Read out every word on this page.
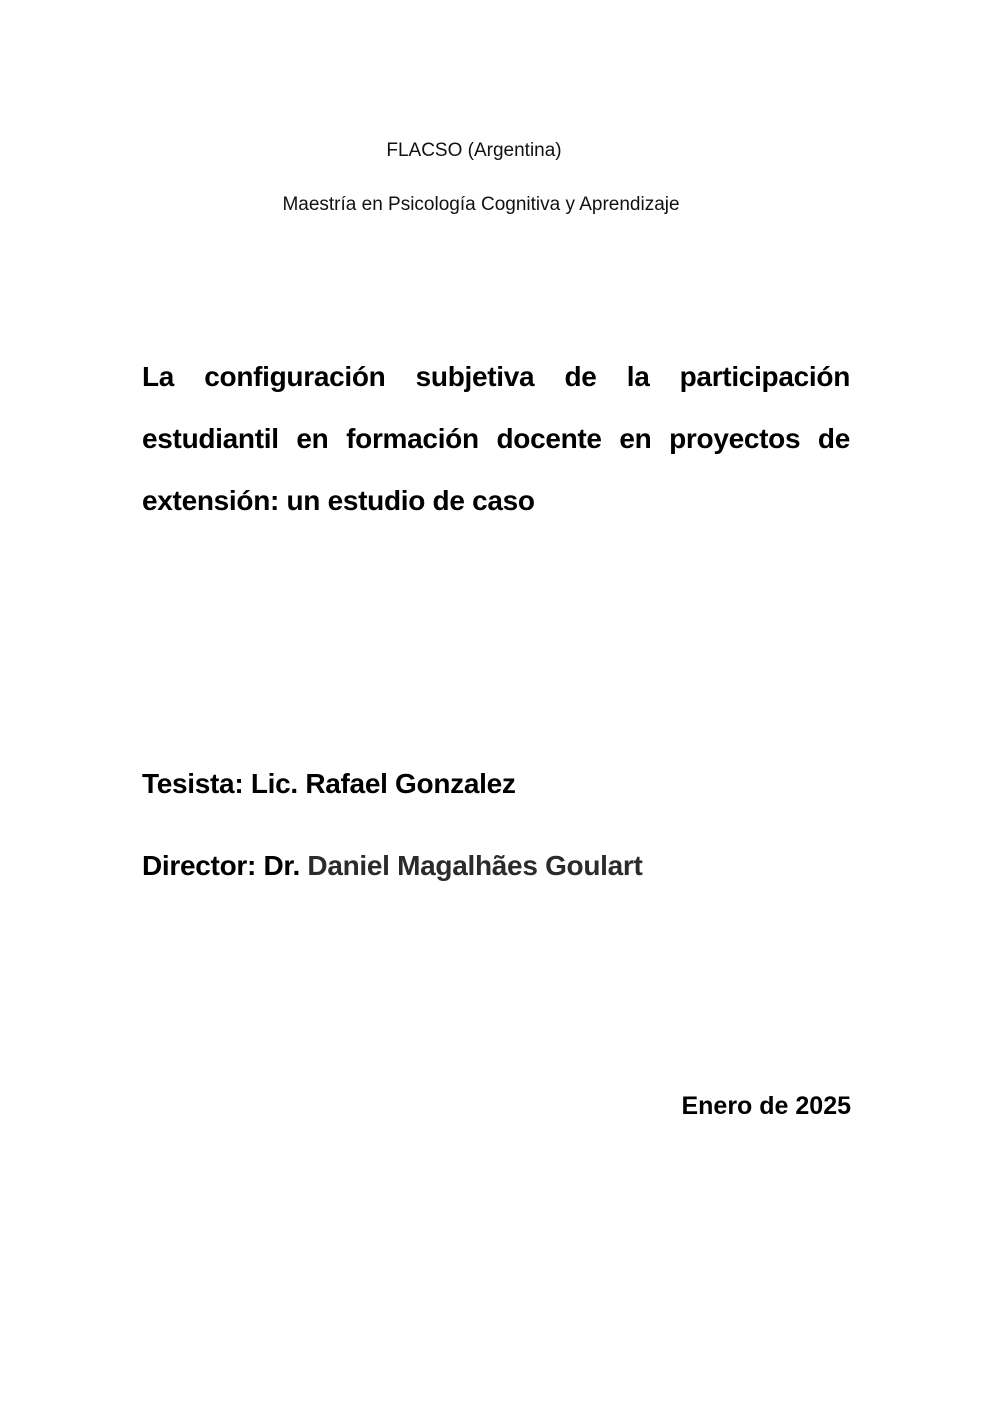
FLACSO (Argentina)
Maestría en Psicología Cognitiva y Aprendizaje
La configuración subjetiva de la participación
estudiantil en formación docente en proyectos de
extensión: un estudio de caso
Tesista: Lic. Rafael Gonzalez
Director: Dr. Daniel Magalhães Goulart
Enero de 2025
